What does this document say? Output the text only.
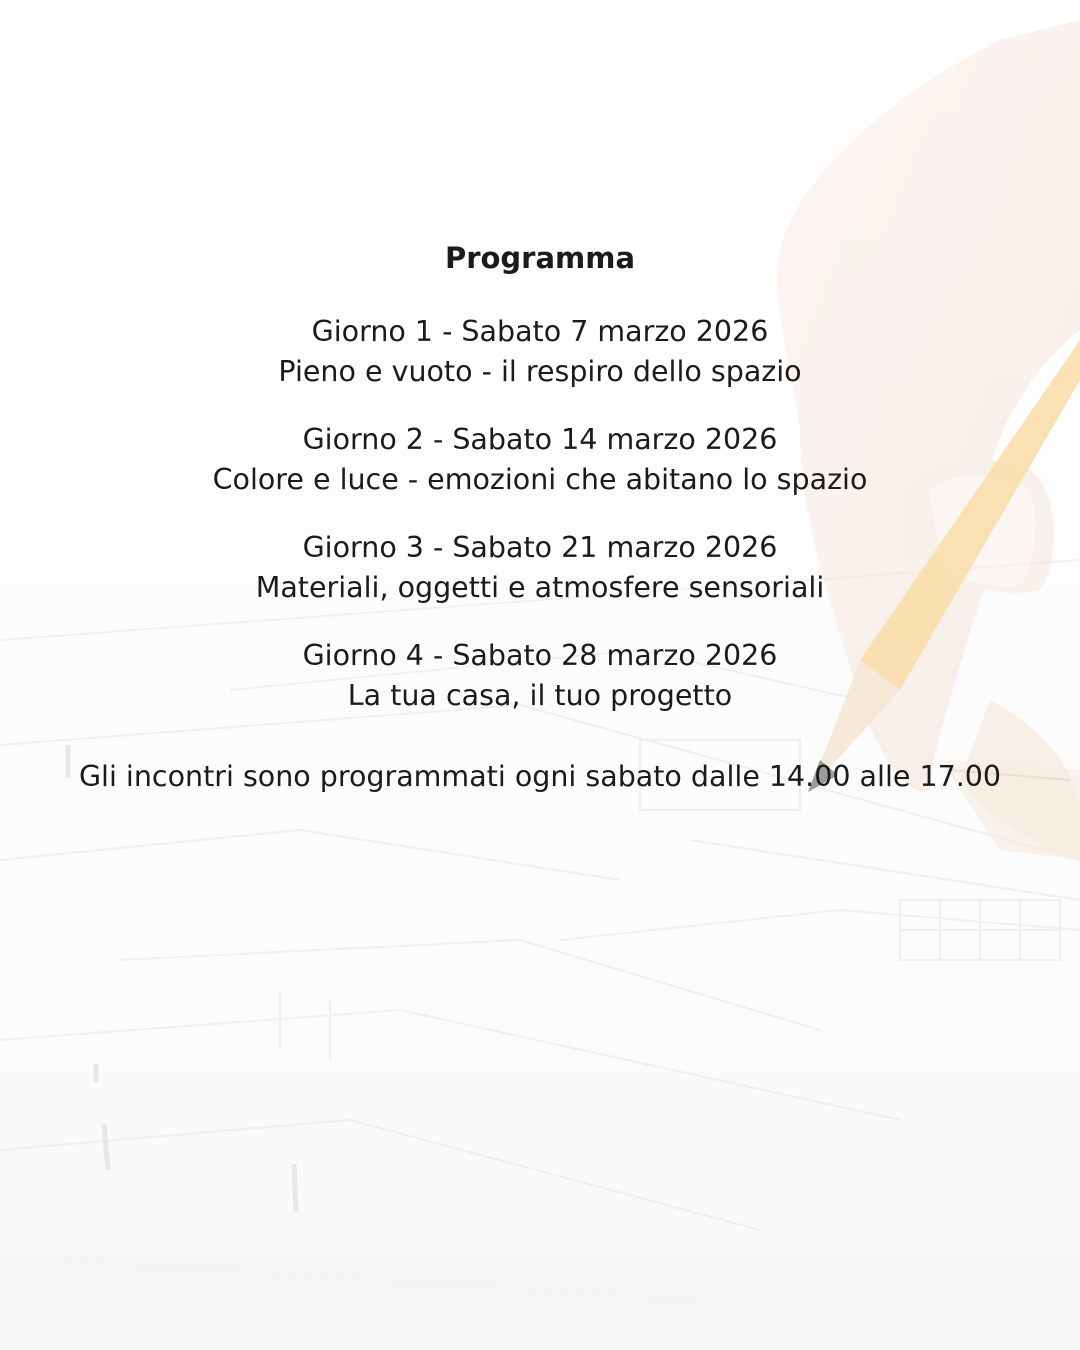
Programma
Giorno 1 - Sabato 7 marzo 2026
Pieno e vuoto - il respiro dello spazio
Giorno 2 - Sabato 14 marzo 2026
Colore e luce - emozioni che abitano lo spazio
Giorno 3 - Sabato 21 marzo 2026
Materiali, oggetti e atmosfere sensoriali
Giorno 4 - Sabato 28 marzo 2026
La tua casa, il tuo progetto
Gli incontri sono programmati ogni sabato dalle 14.00 alle 17.00
